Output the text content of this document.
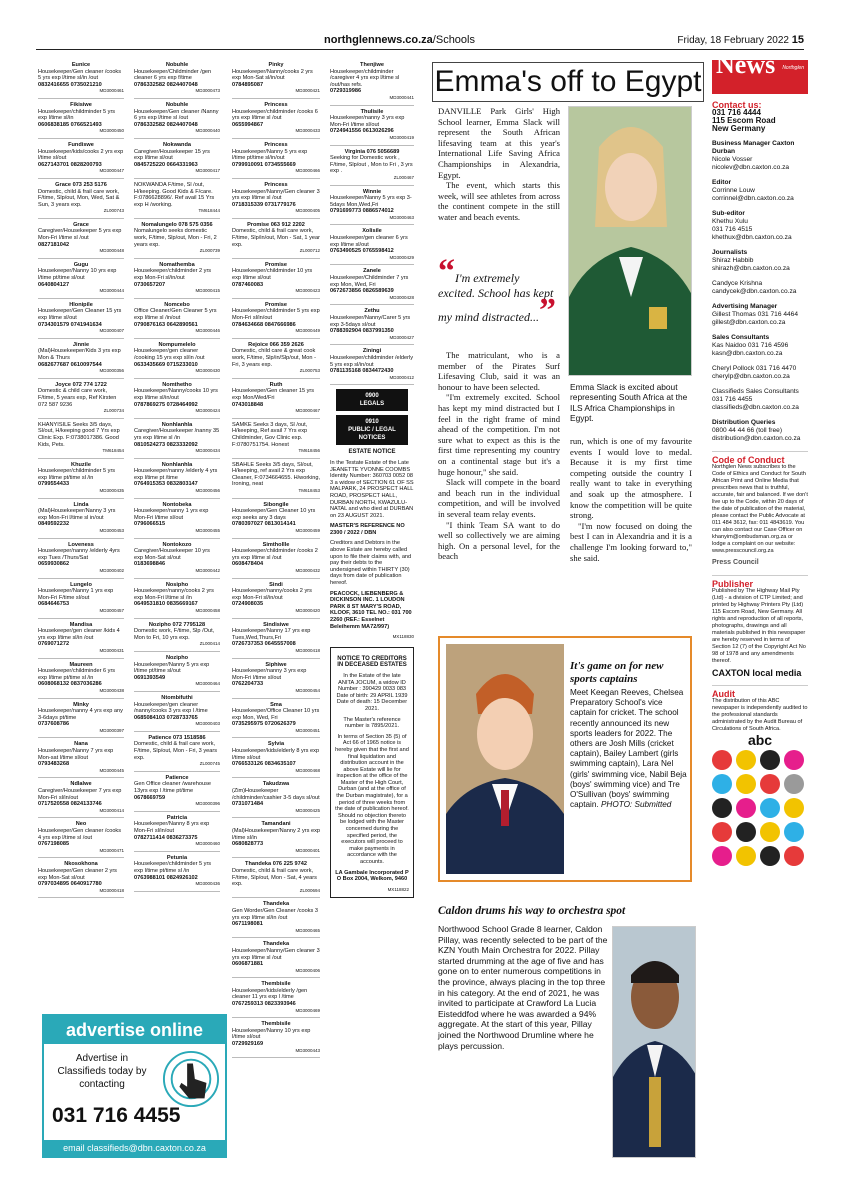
northglennews.co.za/Schools	Friday, 18 February 2022 15
Eunice
Housekeeper/Gen cleaner /cooks 5 yrs exp l/time sl/in /out
0832416655 0735021210
MD3000461
Fikisiwe
Housekeeper/childminder 5 yrs exp l/time sl/in
0606838185 0766521493
MD3000450
Fundiswe
Housekeeper/kids/cooks 2 yrs exp l/time sl/out
0627143701 0828200793
MD3000447
Grace 073 253 5176
Domestic, child & frail care work, F/time, Slp/out, Mon, Wed, Sat & Sun, 3 years exp.
ZL000743
Grace
Caregiver/Housekeeper 5 yrs exp Mon-Fri l/time sl /out
0827181042
MD3000448
Gugu
Housekeeper/Nanny 10 yrs exp l/time pt/time sl/out
0640804127
MD3000444
Hlonipile
Housekeeper/Gen Cleaner 15 yrs exp l/time sl/out
0734301579 0741941634
MD3000407
Jinnie
(Mal)Housekeeper/Kids 3 yrs exp Mon & Thurs
0682677687 0610097544
MD3000356
Joyce 072 774 1722
Domestic & child care work, F/time, 5 years exp, Ref Kirsten 072 587 9236
ZL000734
KHANYISILE Seeks 3/5 days, Sl/out, H/keeping good 7 Yrs exp Clinic Exp. F:0738017386. Good Kids, Pets.
TM618454
Khuzile
Housekeeper/childminder 5 yrs exp l/time pt/time sl /in
0799554433
MD3000435
Linda
(Mal)Housekeeper/Nanny 3 yrs exp Mon-Fri l/time sl in/out
0849592232
MD3000453
Loveness
Housekeeper/nanny /elderly 4yrs exp Tues /Thurs/Sat
0659930862
MD3000402
Lungelo
Housekeeper/Nanny 1 yrs exp Mon-Fri F/time sl/out
0684646753
MD3000457
Mandisa
Housekeeper/gen cleaner /kids 4 yrs exp l/time sl/in /out
0769071272
MD3000431
Maureen
Housekeeper/childminder 6 yrs exp l/time pt/time sl /in
0608068132 0837036286
MD3000438
Minky
Housekeeper/nanny 4 yrs exp any 3-6days pt/time
0737608786
MD3000397
Nana
Housekeeper/Nanny 7 yrs exp Mon-sat l/time sl/out
0793483268
MD3000445
Ndlalwe
Caregiver/Housekeeper 7 yrs exp Mon-Fri sl/in/out
0717520558 0824133746
MD3000414
Neo
Housekeeper/Gen cleaner /cooks 4 yrs exp l/time sl /out
0767198085
MD3000471
Nkosokhona
Housekeeper/Gen cleaner 2 yrs exp Mon-Sat sl/out
0797034895 0640917780
MD3000418
Nobuhle
Housekeeper/Childminder /gen cleaner 6 yrs exp f/time
0786332582 0824407048
MD3000473
Nobuhle
Housekeeper/Gen cleaner /Nanny 6 yrs exp l/time sl /out
0786332582 0824407048
MD3000440
Nokwanda
Caregiver/Housekeeper 15 yrs exp l/time sl/out
0845725220 0664331963
MD3000417
NOKWANDA F/time, Sl /out, H/keeping. Good Kids & F/care. F:0786628896/. Ref avail 15 Yrs exp H /working.
TM618444
Nomalungelo 078 575 0356
Nomalungelo seeks domestic work, F/time, Slp/out, Mon - Fri, 2 years exp.
ZL000739
Nomathemba
Housekeeper/childminder 2 yrs exp Mon-Fri sl/in/out
0730657207
MD3000415
Nomcebo
Office Cleaner/Gen Cleaner 5 yrs exp l/time sl /in/out
0790876163 0642890561
MD3000446
Nompumelelo
Housekeeper/gen cleaner /cooking 15 yrs exp sl/in /out
0633435669 0715233010
MD3000430
Nomthetho
Housekeeper/Nanny/cooks 10 yrs exp l/time sl/in/out
0787869275 0728464992
MD3000424
Nonhlanhla
Caregiver/Housekeeper /nanny 35 yrs exp l/time sl /in
0810524273 0823332092
MD3000434
Nonhlanhla
Housekeeper/nanny /elderly 4 yrs exp l/time pt /time
0764915353 0832803147
MD3000456
Nontobeka
Housekeeper/nanny 1 yrs exp Mon-Fri l/time sl/out
0796066515
MD3000455
Nontokozo
Caregiver/Housekeeper 10 yrs exp Mon-Sat sl/out
0183698846
MD3000442
Nosipho
Housekeeper/nanny/cooks 2 yrs exp Mon-Fri l/time sl /in
0649531810 0835669167
MD3000458
Nozipho 072 7795128
Domestic work, F/time, Slp /Out, Mon to Fri, 10 yrs exp.
ZL000414
Nozipho
Housekeeper/Nanny 5 yrs exp l/time pt/time sl/out
0691393549
MD3000464
Ntombifuthi
Housekeeper/gen cleaner /nanny/cooks 3 yrs exp l /time
0685084103 0728733765
MD3000403
Patience 073 1518586
Domestic, child & frail care work, F/time, Slp/out, Mon - Fri, 3 years exp.
ZL000745
Patience
Gen Office cleaner /warehouse 13yrs exp l /time pt/time
0678669759
MD3000396
Patricia
Housekeeper/Nanny 8 yrs exp Mon-Fri sl/in/out
0782711414 0836273375
MD3000460
Petunia
Housekeeper/childminder 5 yrs exp l/time pt/time sl /in
0763988101 0824926102
MD3000436
Pinky
Housekeeper/Nanny/cooks 2 yrs exp Mon-Sat sl/in/out
0784895087
MD3000421
Princess
Housekeeper/childminder /cooks 6 yrs exp l/time sl /out
0655994867
MD3000433
Princess
Housekeeper/Nanny 5 yrs exp l/time pt/time sl/in/out
0799910091 0734555669
MD3000466
Princess
Housekeeper/Nanny/Gen cleaner 3 yrs exp l/time sl /out
0718315339 0731779176
MD3000405
Promise 063 912 2202
Domestic, child & frail care work, F/time, Slp/in/out, Mon - Sat, 1 year exp.
ZL000712
Promise
Housekeeper/childminder 10 yrs exp l/time sl/out
0787460083
MD3000423
Promise
Housekeeper/childminder 5 yrs exp Mon-Fri sl/in/out
0784634668 0847666986
MD3000449
Rejoice 066 359 2626
Domestic, child care & great cook work, F/time, Slp/in/Slp/out, Mon - Fri, 3 years exp.
ZL000753
Ruth
Housekeeper/Gen cleaner 15 yrs exp Mon/Wed/Fri
0743018848
MD3000467
SAMKE Seeks 3 days, Sl /out, H/keeping, Ref avail 7 Yrs exp Childminder, Gov Clinic exp. F:0780751754. Honest
TM618456
SBAHLE Seeks 3/5 days, Sl/out, H/keeping, ref avail 2 Yrs exp Cleaner, F:0734664655. H/working, Ironing, neat
TM618453
Sibongile
Housekeeper/Gen Cleaner 10 yrs exp seeks any 3 days
0780397027 0813014141
MD3000459
Simthollle
Housekeeper/childminder /cooks 2 yrs exp l/time sl /out
0608478404
MD3000432
Sindi
Housekeeper/nanny/cooks 2 yrs exp Mon-Fri sl/in/out
0724908035
MD3000420
Sindisiwe
Housekeeper/Nanny 17 yrs exp Tues,Wed,Thurs,Fri
0726737353 0645557008
MD3000418
Siphiwe
Housekeeper/nanny 3 yrs exp Mon-Fri l/time sl/out
0762204733
MD3000454
Sma
Housekeeper/Office Cleaner 10 yrs exp Mon, Wed, Fri
0735295975 0720626379
MD3000451
Sylvia
Housekeeper/kids/elderly 8 yrs exp l/time sl/out
0766533126 0834635107
MD3000468
Takudzwa
(Zim)Housekeeper /childminder/cashier 3-5 days sl/out
0731071484
MD3000425
Tamandani
(Mal)Housekeeper/Nanny 2 yrs exp l/time sl/in
0680828773
MD3000401
Thandeka 076 225 9742
Domestic, child & frail care work, F/time, Slp/out, Mon - Sat, 4 years exp.
ZL000694
Thandeka
Gen Worder/Gen Cleaner /cooks 3 yrs exp l/time sl/in /out
0671198081
MD3000465
Thandeka
Housekeeper/Nanny/Gen cleaner 3 yrs exp l/time sl /out
0606871881
MD3000406
Thembisile
Housekeeper/kids/elderly /gen cleaner 11 yrs exp l /time
0767259313 0823393946
MD3000469
Thembisile
Housekeeper/Nanny 10 yrs exp l/time sl/out
0729929169
MD3000443
Thenjiwe
Housekeeper/childminder /caregiver 4 yrs exp l/time sl /out/has refs.
0729319986
MD3000441
Thulisile
Housekeeper/nanny 3 yrs exp Mon-Fri l/time sl/out
0724941556 0613026296
MD3000419
Virginia 076 5056689
Seeking for Domestic work , F/time, Slp/out , Mon to Fri , 3 yrs exp .
ZL000467
Winnie
Housekeeper/Nanny 5 yrs exp 3-5days Mon,Wed,Fri
0791699773 0886574012
MD3000463
Xolisile
Housekeeper/gen cleaner 6 yrs exp l/time sl/out
0763490525 0765598412
MD3000429
Zanele
Housekeeper/Childminder 7 yrs exp Mon, Wed, Fri
0672673856 0826589639
MD3000428
Zethu
Housekeeper/Nanny/Carer 5 yrs exp 3-5days sl/out
0788392904 0837991350
MD3000427
Ziningi
Housekeeper/childminder /elderly 5 yrs exp sl/in/out
0781135168 0834472430
MD3000412
0900
LEGALS
0910
PUBLIC / LEGAL NOTICES
ESTATE NOTICE

In the Testate Estate of the Late JEANETTE YVONNE COOMBS Identity Number: 360703 0052 08 3 a widow of SECTION 61 OF SS MALPARK, 24 PROSPECT HALL ROAD, PROSPECT HALL, DURBAN NORTH, KWAZULU-NATAL and who died at DURBAN on 23 AUGUST 2021.

MASTER'S REFERENCE NO 2300 / 2022 / DBN

Creditors and Debtors in the above Estate are hereby called upon to file their claims with, and pay their debts to the undersigned within THIRTY (30) days from date of publication hereof.

PEACOCK, LIEBENBERG & DICKINSON INC. 1 LOUDON PARK 8 ST MARY'S ROAD, KLOOF, 3610 TEL NO.: 031 700 2260 (REF.: Esselnet Beleihemm MA72/997)

MX118830
NOTICE TO CREDITORS IN DECEASED ESTATES

In the Estate of the late ANITA JOCUM, a widow ID Number : 390429 0033 083 Date of birth: 29 APRIL 1939 Date of death: 15 December 2021.

The Master's reference number is 7895/2021.

In terms of Section 35 (5) of Act 66 of 1965 notice is hereby given that the first and final liquidation and distribution account in the above Estate will lie for inspection at the office of the Master of the High Court, Durban (and at the office of the Durban magistrate), for a period of three weeks from the date of publication hereof. Should no objection thereto be lodged with the Master concerned during the specified period, the executors will proceed to make payments in accordance with the accounts.

LA Gambale Incorporated P O Box 2004, Welkom, 9460

MX118822
advertise online
Advertise in Classifieds today by contacting
031 716 4455
email classifieds@dbn.caxton.co.za
Emma's off to Egypt

DANVILLE Park Girls' High School learner, Emma Slack will represent the South African lifesaving team at this year's International Life Saving Africa Championships in Alexandria, Egypt.

The event, which starts this week, will see athletes from across the continent compete in the still water and beach events.

“I'm extremely excited. School has kept my mind distracted...”

The matriculant, who is a member of the Pirates Surf Lifesaving Club, said it was an honour to have been selected.

"I'm extremely excited. School has kept my mind distracted but I feel in the right frame of mind ahead of the competition. I'm not sure what to expect as this is the first time representing my country on a continental stage but it's a huge honour," she said.

Slack will compete in the board and beach run in the individual competition, and will be involved in several team relay events.

"I think Team SA want to do well so collectively we are aiming high. On a personal level, for the beach

Emma Slack is excited about representing South Africa at the ILS Africa Championships in Egypt.

run, which is one of my favourite events I would love to medal. Because it is my first time competing outside the country I really want to take in everything and soak up the atmosphere. I know the competition will be quite strong.

"I'm now focused on doing the best I can in Alexandria and it is a challenge I'm looking forward to," she said.

It's game on for new sports captains
Meet Keegan Reeves, Chelsea Preparatory School's vice captain for cricket. The school recently announced its new sports leaders for 2022. The others are Josh Mills (cricket captain), Bailey Lambert (girls swimming captain), Lara Nel (girls' swimming vice, Nabil Beja (boys' swimming vice) and Tre O'Sullivan (boys' swimming captain. PHOTO: Submitted
Caldon drums his way to orchestra spot
Northwood School Grade 8 learner, Caldon Pillay, was recently selected to be part of the KZN Youth Main Orchestra for 2022. Pillay started drumming at the age of five and has gone on to enter numerous competitions in the province, always placing in the top three in his category. At the end of 2021, he was invited to participate at Crawford La Lucia Eisteddfod where he was awarded a 94% aggregate. At the start of this year, Pillay joined the Northwood Drumline where he plays percussion.
News Northglen
Contact us:
031 716 4444
115 Escom Road
New Germany
Business Manager Caxton Durban
Nicole Vosser
nicolev@dbn.caxton.co.za
Editor
Corrinne Louw
corrinnel@dbn.caxton.co.za
Sub-editor
Khethu Xulu
031 716 4515 khethux@dbn.caxton.co.za
Journalists
Shiraz Habbib
shirazh@dbn.caxton.co.za
Candyce Krishna
candycek@dbn.caxton.co.za
Advertising Manager
Gillest Thomas 031 716 4464
gillest@dbn.caxton.co.za
Sales Consultants
Kas Naidoo 031 716 4596
kasn@dbn.caxton.co.za
Cheryl Pollock 031 716 4470
cherylp@dbn.caxton.co.za
Classifieds Sales Consultants 031 716 4455
classifieds@dbn.caxton.co.za
Distribution Queries
0800 44 44 66 (toll free)
distribution@dbn.caxton.co.za
Code of Conduct
Northglen News subscribes to the Code of Ethics and Conduct for South African Print and Online Media that prescribes news that is truthful, accurate, fair and balanced. If we don't live up to the Code, within 20 days of the date of publication of the material, please contact the Public Advocate at 011 484 3612, fax: 011 4843619. You can also contact our Case Officer on khanyim@ombudsman.org.za or lodge a complaint on our website: www.presscouncil.org.za
Press Council
Publisher
Published by The Highway Mail Pty (Ltd) - a division of CTP Limited; and printed by Highway Printers Pty (Ltd) 115 Escom Road, New Germany. All rights and reproduction of all reports, photographs, drawings and all materials published in this newspaper are hereby reserved in terms of Section 12 (7) of the Copyright Act No 98 of 1978 and any amendments thereof.
CAXTON local media
Audit
The distribution of this ABC newspaper is independently audited to the professional standards administrated by the Audit Bureau of Circulations of South Africa.
abc
